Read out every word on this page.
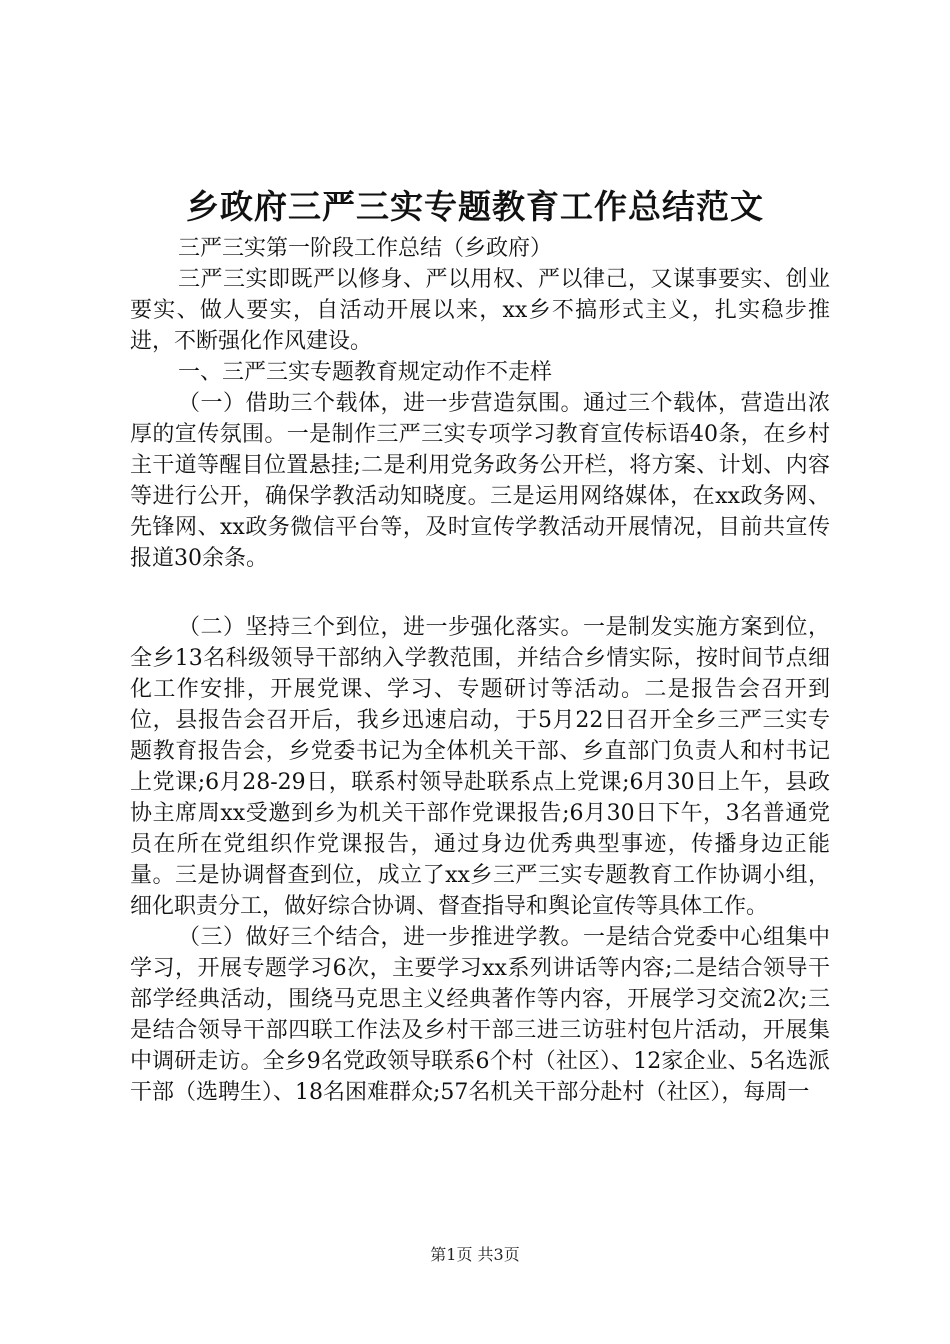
乡政府三严三实专题教育工作总结范文

三严三实第一阶段工作总结（乡政府）

三严三实即既严以修身、严以用权、严以律己，又谋事要实、创业要实、做人要实，自活动开展以来，xx乡不搞形式主义，扎实稳步推进，不断强化作风建设。

一、三严三实专题教育规定动作不走样

（一）借助三个载体，进一步营造氛围。通过三个载体，营造出浓厚的宣传氛围。一是制作三严三实专项学习教育宣传标语40条，在乡村主干道等醒目位置悬挂;二是利用党务政务公开栏，将方案、计划、内容等进行公开，确保学教活动知晓度。三是运用网络媒体，在xx政务网、先锋网、xx政务微信平台等，及时宣传学教活动开展情况，目前共宣传报道30余条。

（二）坚持三个到位，进一步强化落实。一是制发实施方案到位，全乡13名科级领导干部纳入学教范围，并结合乡情实际，按时间节点细化工作安排，开展党课、学习、专题研讨等活动。二是报告会召开到位，县报告会召开后，我乡迅速启动，于5月22日召开全乡三严三实专题教育报告会，乡党委书记为全体机关干部、乡直部门负责人和村书记上党课;6月28-29日，联系村领导赴联系点上党课;6月30日上午，县政协主席周xx受邀到乡为机关干部作党课报告;6月30日下午，3名普通党员在所在党组织作党课报告，通过身边优秀典型事迹，传播身边正能量。三是协调督查到位，成立了xx乡三严三实专题教育工作协调小组，细化职责分工，做好综合协调、督查指导和舆论宣传等具体工作。

（三）做好三个结合，进一步推进学教。一是结合党委中心组集中学习，开展专题学习6次，主要学习xx系列讲话等内容;二是结合领导干部学经典活动，围绕马克思主义经典著作等内容，开展学习交流2次;三是结合领导干部四联工作法及乡村干部三进三访驻村包片活动，开展集中调研走访。全乡9名党政领导联系6个村（社区）、12家企业、5名选派干部（选聘生）、18名困难群众;57名机关干部分赴村（社区），每周一

第1页 共3页
